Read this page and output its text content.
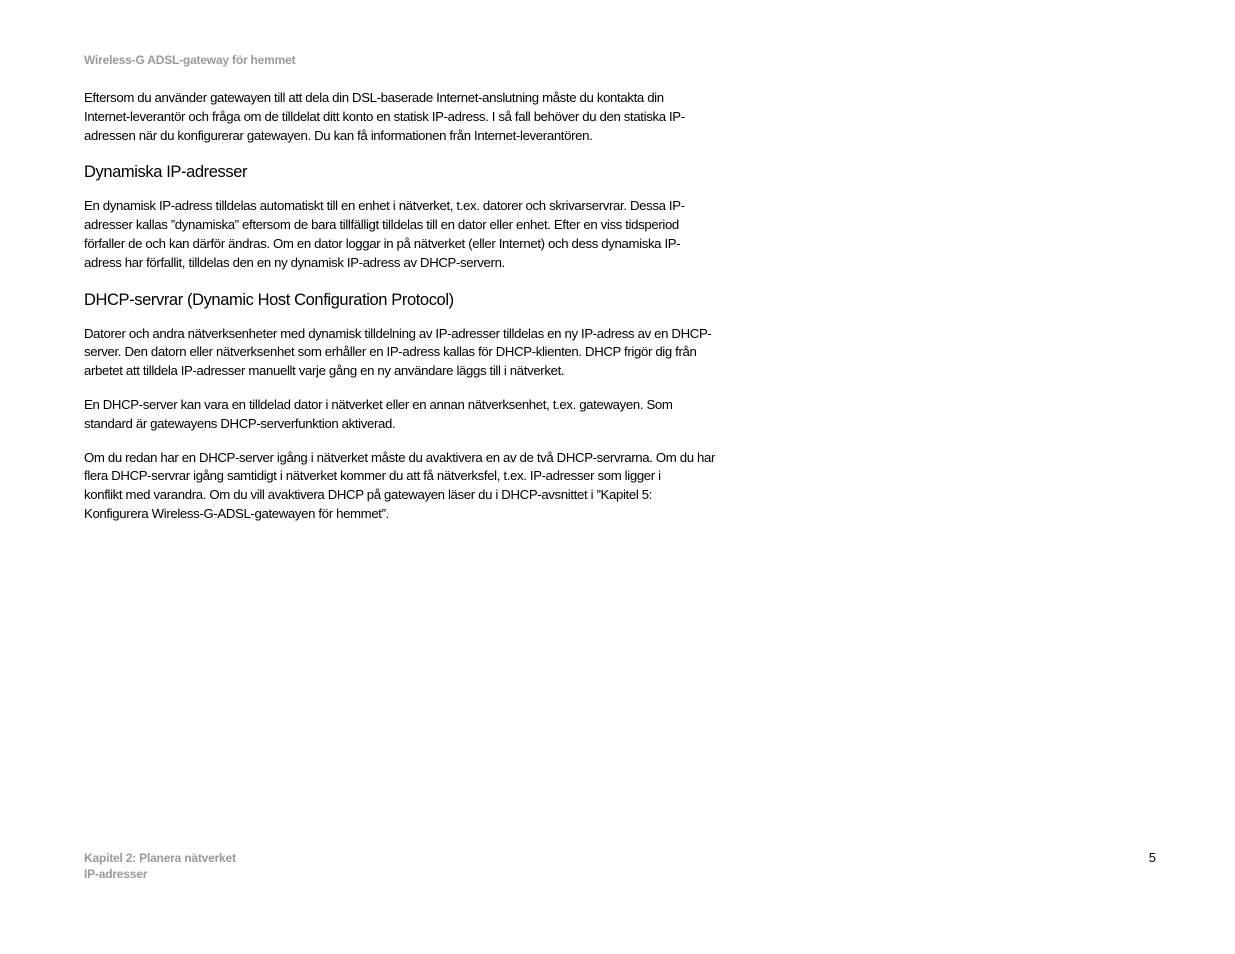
Wireless-G ADSL-gateway för hemmet

Eftersom du använder gatewayen till att dela din DSL-baserade Internet-anslutning måste du kontakta din
Internet-leverantör och fråga om de tilldelat ditt konto en statisk IP-adress. I så fall behöver du den statiska IP-
adressen när du konfigurerar gatewayen. Du kan få informationen från Internet-leverantören.

Dynamiska IP-adresser

En dynamisk IP-adress tilldelas automatiskt till en enhet i nätverket, t.ex. datorer och skrivarservrar. Dessa IP-
adresser kallas ”dynamiska” eftersom de bara tillfälligt tilldelas till en dator eller enhet. Efter en viss tidsperiod
förfaller de och kan därför ändras. Om en dator loggar in på nätverket (eller Internet) och dess dynamiska IP-
adress har förfallit, tilldelas den en ny dynamisk IP-adress av DHCP-servern.

DHCP-servrar (Dynamic Host Configuration Protocol)

Datorer och andra nätverksenheter med dynamisk tilldelning av IP-adresser tilldelas en ny IP-adress av en DHCP-
server. Den datorn eller nätverksenhet som erhåller en IP-adress kallas för DHCP-klienten. DHCP frigör dig från
arbetet att tilldela IP-adresser manuellt varje gång en ny användare läggs till i nätverket.

En DHCP-server kan vara en tilldelad dator i nätverket eller en annan nätverksenhet, t.ex. gatewayen. Som
standard är gatewayens DHCP-serverfunktion aktiverad.

Om du redan har en DHCP-server igång i nätverket måste du avaktivera en av de två DHCP-servrarna. Om du har
flera DHCP-servrar igång samtidigt i nätverket kommer du att få nätverksfel, t.ex. IP-adresser som ligger i
konflikt med varandra. Om du vill avaktivera DHCP på gatewayen läser du i DHCP-avsnittet i ”Kapitel 5:
Konfigurera Wireless-G-ADSL-gatewayen för hemmet”.

Kapitel 2: Planera nätverket
IP-adresser
5
